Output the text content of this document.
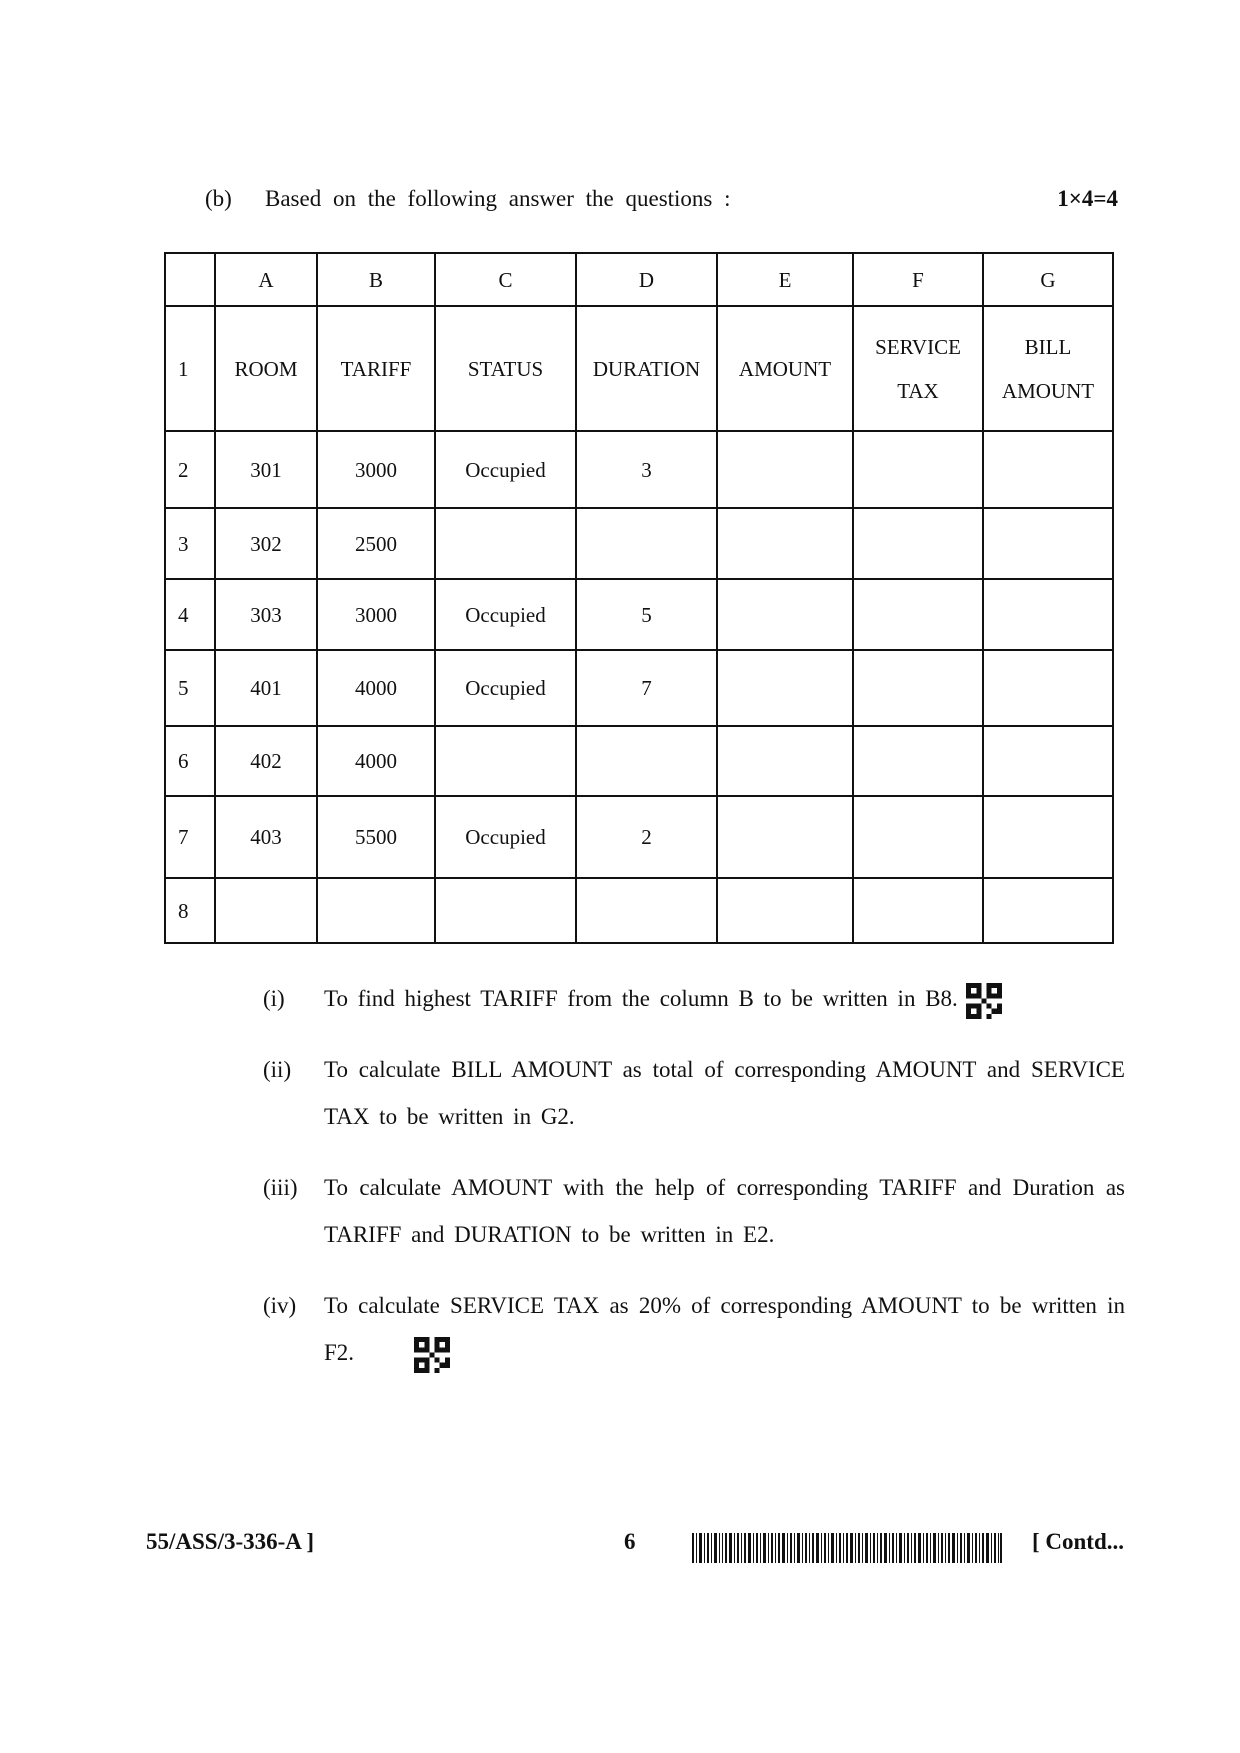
(b) Based on the following answer the questions :	1×4=4
	A	B	C	D	E	F	G
1	ROOM	TARIFF	STATUS	DURATION	AMOUNT	SERVICE TAX	BILL AMOUNT
2	301	3000	Occupied	3			
3	302	2500					
4	303	3000	Occupied	5			
5	401	4000	Occupied	7			
6	402	4000					
7	403	5500	Occupied	2			
8							
(i)	To find highest TARIFF from the column B to be written in B8.
(ii)	To calculate BILL AMOUNT as total of corresponding AMOUNT and SERVICE TAX to be written in G2.
(iii)	To calculate AMOUNT with the help of corresponding TARIFF and Duration as TARIFF and DURATION to be written in E2.
(iv)	To calculate SERVICE TAX as 20% of corresponding AMOUNT to be written in F2.
55/ASS/3-336-A ]	6	[ Contd...
